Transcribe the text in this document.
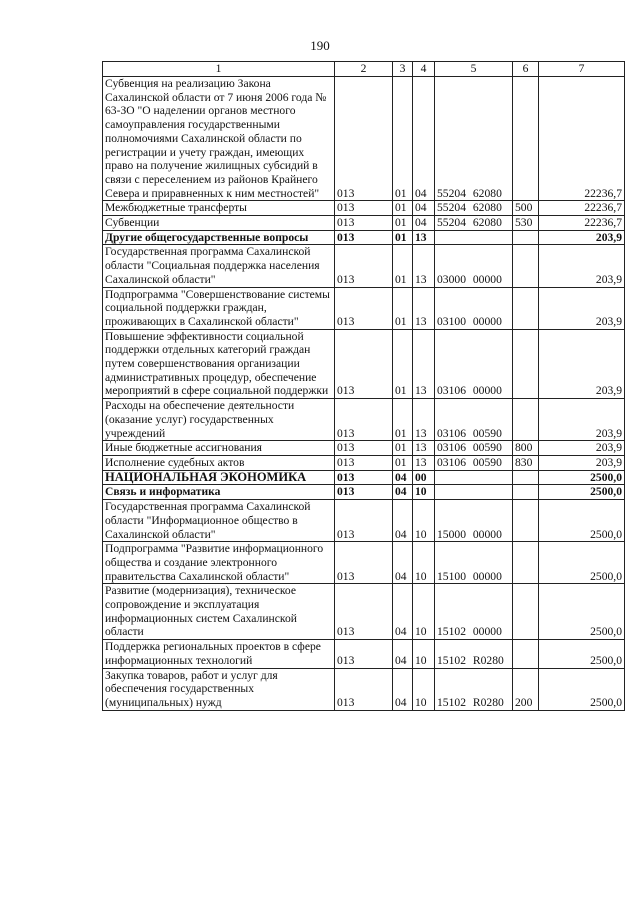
190
1	2	3	4	5	6	7
Субвенция на реализацию Закона Сахалинской области от 7 июня 2006 года № 63-ЗО "О наделении органов местного самоуправления государственными полномочиями Сахалинской области по регистрации и учету граждан, имеющих право на получение жилищных субсидий в связи с переселением из районов Крайнего Севера и приравненных к ним местностей"	013	01	04	55204 62080		22236,7
Межбюджетные трансферты	013	01	04	55204 62080	500	22236,7
Субвенции	013	01	04	55204 62080	530	22236,7
Другие общегосударственные вопросы	013	01	13			203,9
Государственная программа Сахалинской области "Социальная поддержка населения Сахалинской области"	013	01	13	03000 00000		203,9
Подпрограмма "Совершенствование системы социальной поддержки граждан, проживающих в Сахалинской области"	013	01	13	03100 00000		203,9
Повышение эффективности социальной поддержки отдельных категорий граждан путем совершенствования организации административных процедур, обеспечение мероприятий в сфере социальной поддержки	013	01	13	03106 00000		203,9
Расходы на обеспечение деятельности (оказание услуг) государственных учреждений	013	01	13	03106 00590		203,9
Иные бюджетные ассигнования	013	01	13	03106 00590	800	203,9
Исполнение судебных актов	013	01	13	03106 00590	830	203,9
НАЦИОНАЛЬНАЯ ЭКОНОМИКА	013	04	00			2500,0
Связь и информатика	013	04	10			2500,0
Государственная программа Сахалинской области "Информационное общество в Сахалинской области"	013	04	10	15000 00000		2500,0
Подпрограмма "Развитие информационного общества и создание электронного правительства Сахалинской области"	013	04	10	15100 00000		2500,0
Развитие (модернизация), техническое сопровождение и эксплуатация информационных систем Сахалинской области	013	04	10	15102 00000		2500,0
Поддержка региональных проектов в сфере информационных технологий	013	04	10	15102 R0280		2500,0
Закупка товаров, работ и услуг для обеспечения государственных (муниципальных) нужд	013	04	10	15102 R0280	200	2500,0
